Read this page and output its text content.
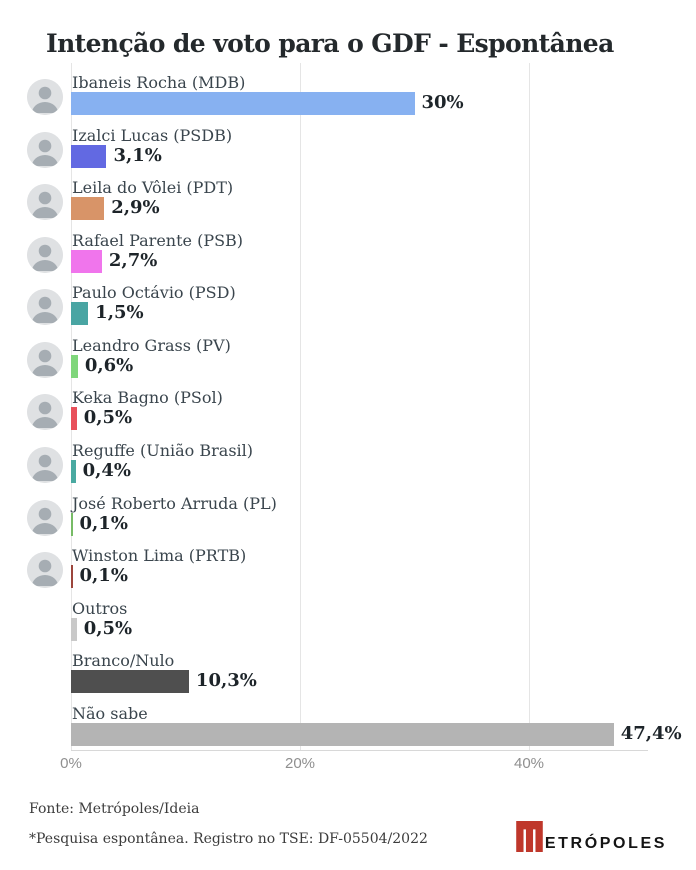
Intenção de voto para o GDF - Espontânea
Ibaneis Rocha (MDB)
30%
Izalci Lucas (PSDB)
3,1%
Leila do Vôlei (PDT)
2,9%
Rafael Parente (PSB)
2,7%
Paulo Octávio (PSD)
1,5%
Leandro Grass (PV)
0,6%
Keka Bagno (PSol)
0,5%
Reguffe (União Brasil)
0,4%
José Roberto Arruda (PL)
0,1%
Winston Lima (PRTB)
0,1%
Outros
0,5%
Branco/Nulo
10,3%
Não sabe
47,4%
0%	20%	40%
Fonte: Metrópoles/Ideia
*Pesquisa espontânea. Registro no TSE: DF-05504/2022	ETRÓPOLES
